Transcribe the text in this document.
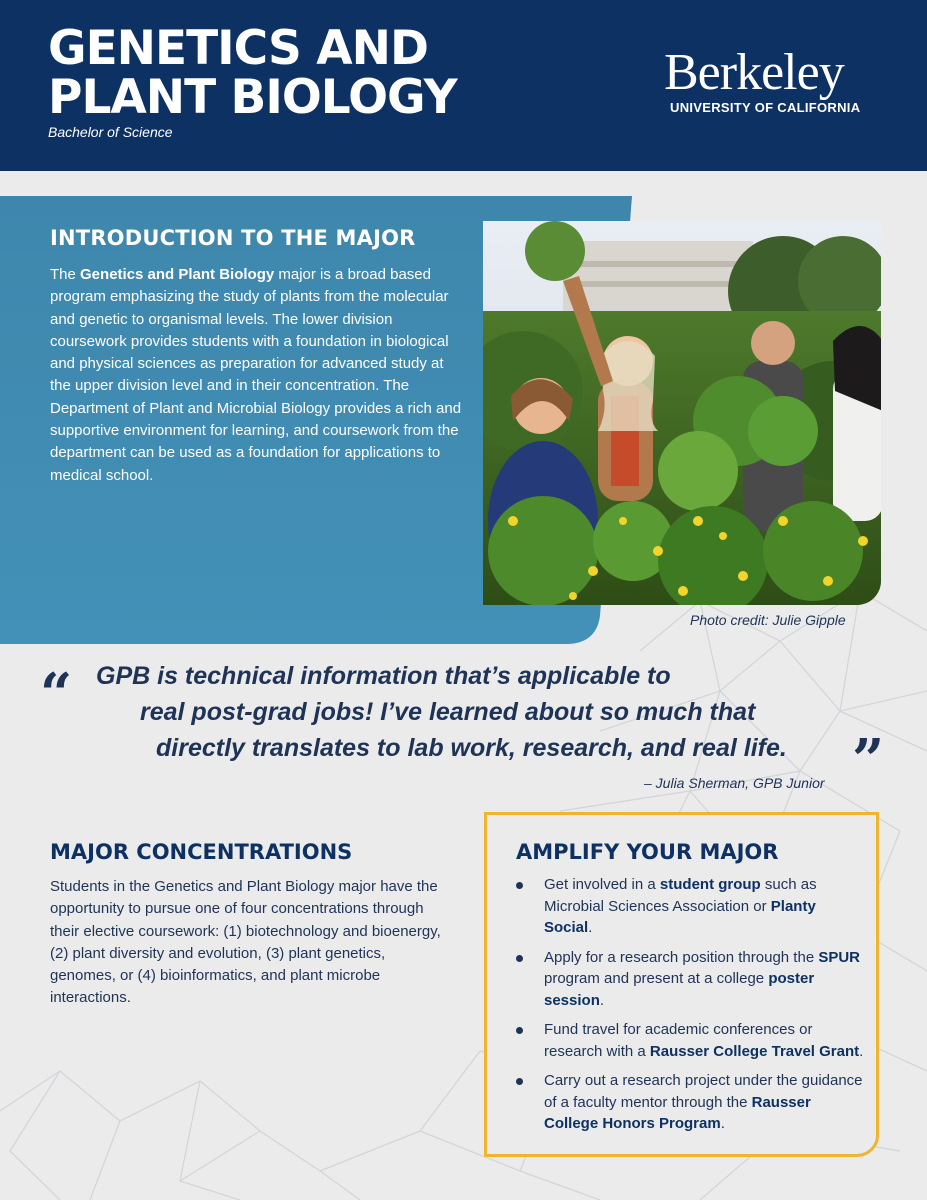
GENETICS AND
PLANT BIOLOGY
Bachelor of Science
Berkeley
UNIVERSITY OF CALIFORNIA
INTRODUCTION TO THE MAJOR
The Genetics and Plant Biology major is a broad based program emphasizing the study of plants from the molecular and genetic to organismal levels. The lower division coursework provides students with a foundation in biological and physical sciences as preparation for advanced study at the upper division level and in their concentration. The Department of Plant and Microbial Biology provides a rich and supportive environment for learning, and coursework from the department can be used as a foundation for applications to medical school.
Photo credit: Julie Gipple
“ GPB is technical information that’s applicable to
real post-grad jobs! I’ve learned about so much that
directly translates to lab work, research, and real life. ”
– Julia Sherman, GPB Junior
MAJOR CONCENTRATIONS
Students in the Genetics and Plant Biology major have the opportunity to pursue one of four concentrations through their elective coursework: (1) biotechnology and bioenergy, (2) plant diversity and evolution, (3) plant genetics, genomes, or (4) bioinformatics, and plant microbe interactions.
AMPLIFY YOUR MAJOR
Get involved in a student group such as Microbial Sciences Association or Planty Social.
Apply for a research position through the SPUR program and present at a college poster session.
Fund travel for academic conferences or research with a Rausser College Travel Grant.
Carry out a research project under the guidance of a faculty mentor through the Rausser College Honors Program.
